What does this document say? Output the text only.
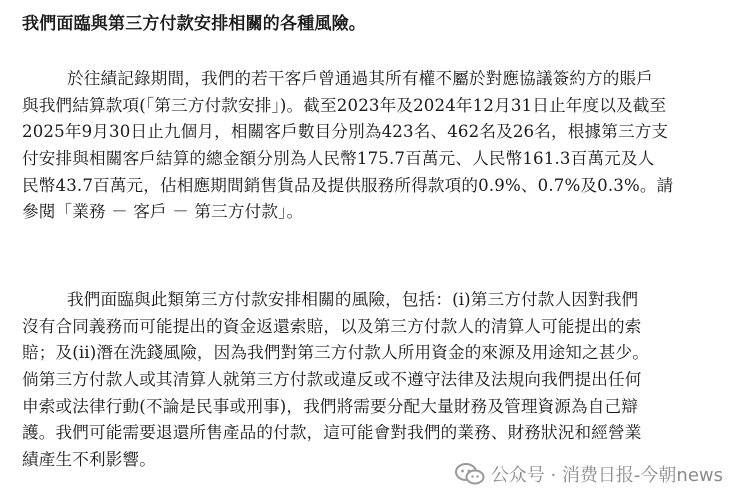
我們面臨與第三方付款安排相關的各種風險。
於往績記錄期間，我們的若干客戶曾通過其所有權不屬於對應協議簽約方的賬戶
與我們結算款項(「第三方付款安排」)。截至2023年及2024年12月31日止年度以及截至
2025年9月30日止九個月，相關客戶數目分別為423名、462名及26名，根據第三方支
付安排與相關客戶結算的總金額分別為人民幣175.7百萬元、人民幣161.3百萬元及人
民幣43.7百萬元，佔相應期間銷售貨品及提供服務所得款項的0.9%、0.7%及0.3%。請
參閱「業務 － 客戶 － 第三方付款」。
我們面臨與此類第三方付款安排相關的風險，包括：(i)第三方付款人因對我們
沒有合同義務而可能提出的資金返還索賠，以及第三方付款人的清算人可能提出的索
賠；及(ii)潛在洗錢風險，因為我們對第三方付款人所用資金的來源及用途知之甚少。
倘第三方付款人或其清算人就第三方付款或違反或不遵守法律及法規向我們提出任何
申索或法律行動(不論是民事或刑事)，我們將需要分配大量財務及管理資源為自己辯
護。我們可能需要退還所售產品的付款，這可能會對我們的業務、財務狀況和經營業
績產生不利影響。
公众号 · 消费日报-今朝news
